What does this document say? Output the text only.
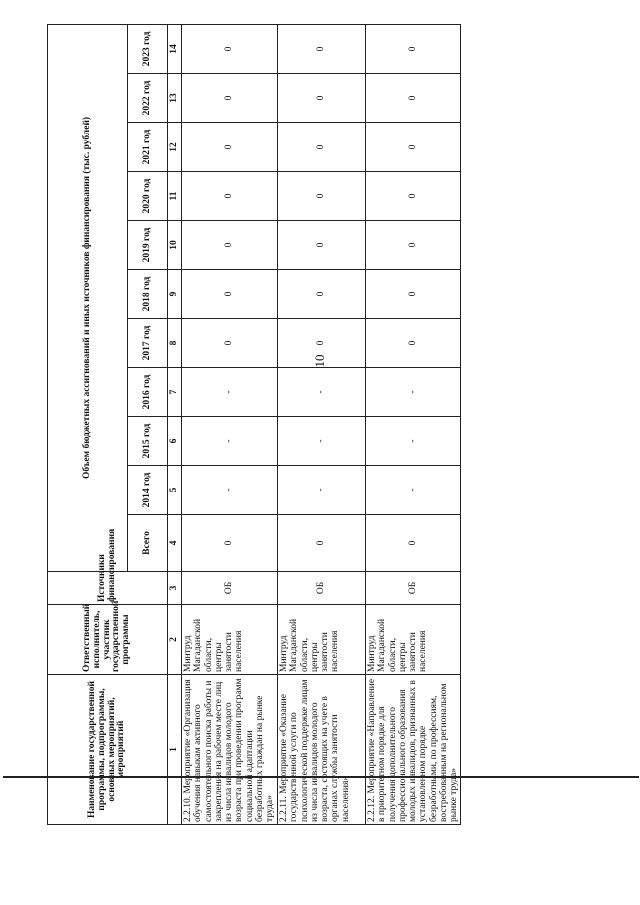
10
Наименование государственной программы, подпрограммы, основных мероприятий, мероприятий	Ответственный исполнитель, участник государственной программы	Источники финансирования	Объем бюджетных ассигнований и иных источников финансирования (тыс. рублей)										
			Всего	2014 год	2015 год	2016 год	2017 год	2018 год	2019 год	2020 год	2021 год	2022 год	2023 год
1	2	3	4	5	6	7	8	9	10	11	12	13	14
2.2.10. Мероприятие «Организация обучения навыкам активного самостоятельного поиска работы и закрепления на рабочем месте лиц из числа инвалидов молодого возраста при проведении программ социальной адаптации безработных граждан на рынке труда»	Минтруд Магаданской области, центры занятости населения	ОБ	0	-	-	-	0	0	0	0	0	0	0
2.2.11. Мероприятие «Оказание государственной услуги по психологической поддержке лицам из числа инвалидов молодого возраста, состоящих на учете в органах службы занятости населения»	Минтруд Магаданской области, центры занятости населения	ОБ	0	-	-	-	0	0	0	0	0	0	0
2.2.12. Мероприятие «Направление в приоритетном порядке для получения дополнительного профессионального образования молодых инвалидов, признанных в установленном порядке безработными, по профессиям, востребованным на региональном рынке труда»	Минтруд Магаданской области, центры занятости населения	ОБ	0	-	-	-	0	0	0	0	0	0	0
